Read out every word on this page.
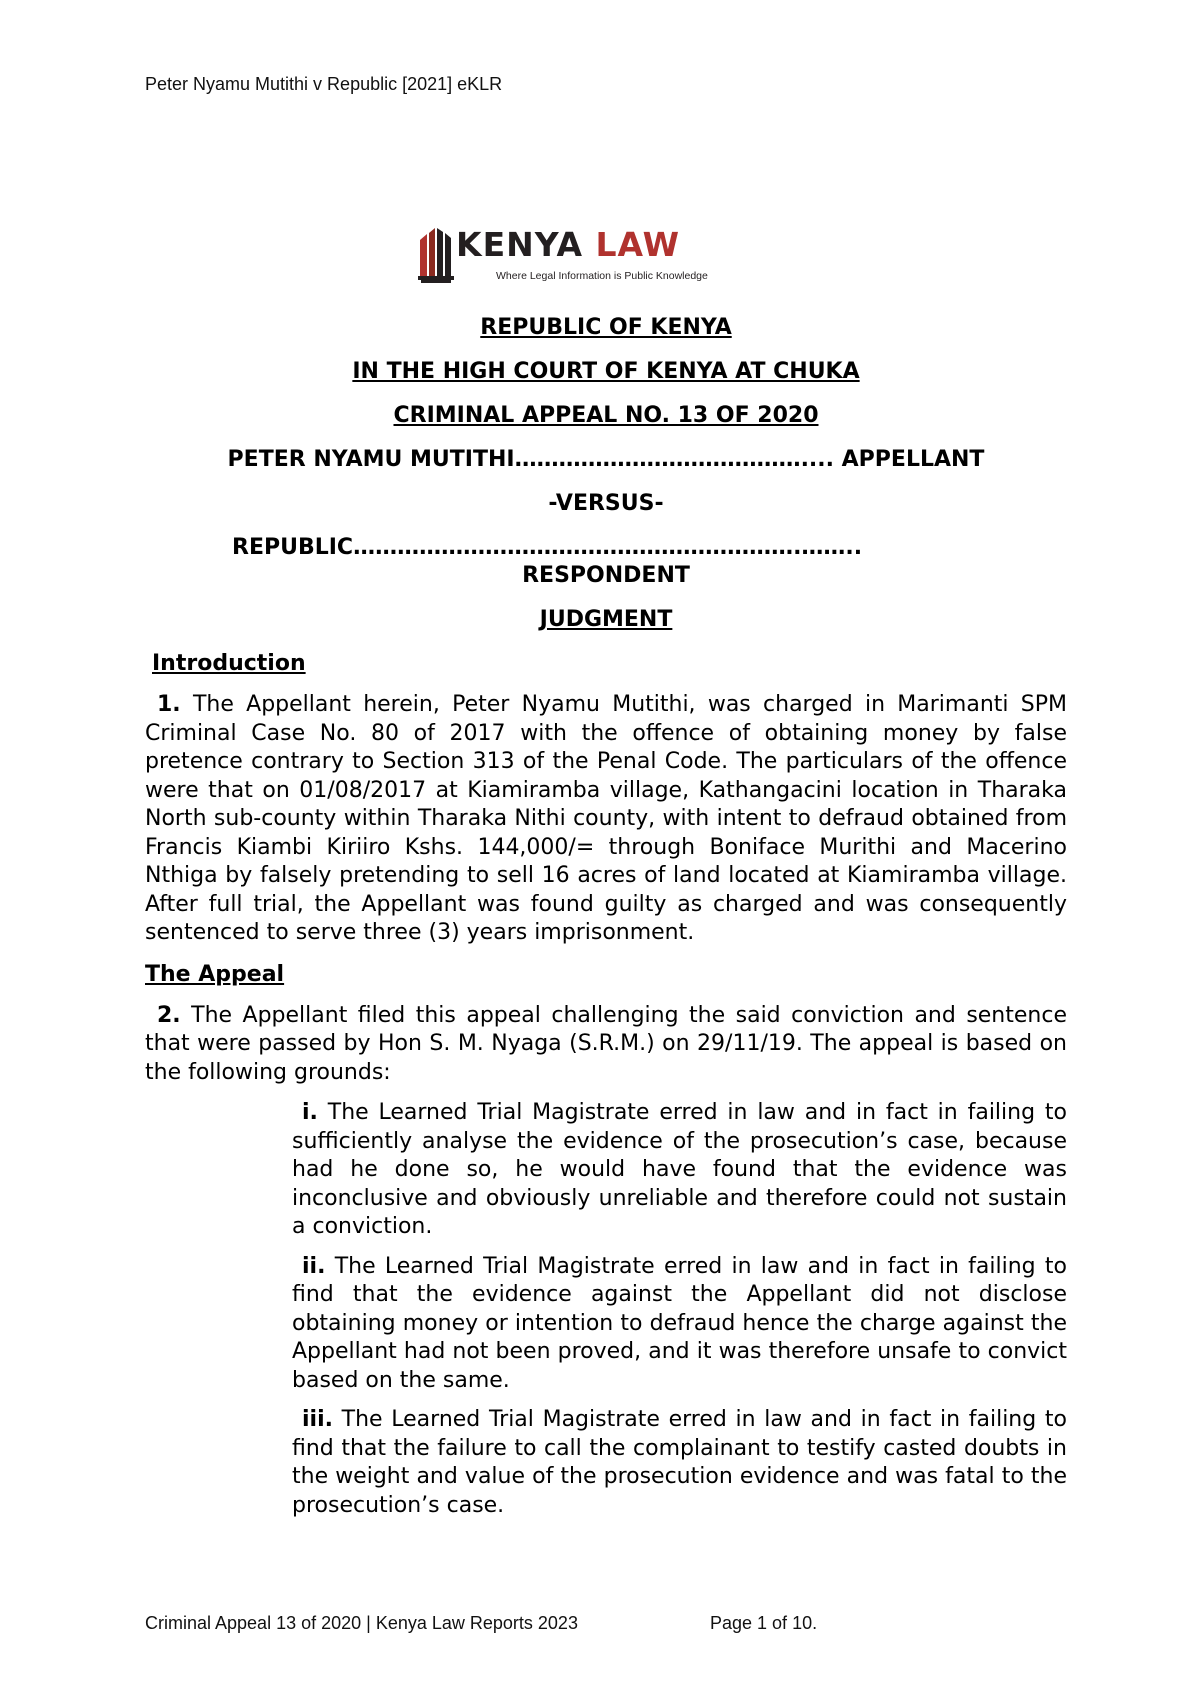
Peter Nyamu Mutithi v Republic [2021] eKLR
KENYA LAW
Where Legal Information is Public Knowledge
REPUBLIC OF KENYA
IN THE HIGH COURT OF KENYA AT CHUKA
CRIMINAL APPEAL NO. 13 OF 2020
PETER NYAMU MUTITHI………………………………….... APPELLANT
-VERSUS-
REPUBLIC…………………………………………………….……..
RESPONDENT
JUDGMENT
Introduction
1. The Appellant herein, Peter Nyamu Mutithi, was charged in Marimanti SPM Criminal Case No. 80 of 2017 with the offence of obtaining money by false pretence contrary to Section 313 of the Penal Code. The particulars of the offence were that on 01/08/2017 at Kiamiramba village, Kathangacini location in Tharaka North sub-county within Tharaka Nithi county, with intent to defraud obtained from Francis Kiambi Kiriiro Kshs. 144,000/= through Boniface Murithi and Macerino Nthiga by falsely pretending to sell 16 acres of land located at Kiamiramba village. After full trial, the Appellant was found guilty as charged and was consequently sentenced to serve three (3) years imprisonment.
The Appeal
2. The Appellant filed this appeal challenging the said conviction and sentence that were passed by Hon S. M. Nyaga (S.R.M.) on 29/11/19. The appeal is based on the following grounds:
i. The Learned Trial Magistrate erred in law and in fact in failing to sufficiently analyse the evidence of the prosecution’s case, because had he done so, he would have found that the evidence was inconclusive and obviously unreliable and therefore could not sustain a conviction.
ii. The Learned Trial Magistrate erred in law and in fact in failing to find that the evidence against the Appellant did not disclose obtaining money or intention to defraud hence the charge against the Appellant had not been proved, and it was therefore unsafe to convict based on the same.
iii. The Learned Trial Magistrate erred in law and in fact in failing to find that the failure to call the complainant to testify casted doubts in the weight and value of the prosecution evidence and was fatal to the prosecution’s case.
Criminal Appeal 13 of 2020 | Kenya Law Reports 2023	Page 1 of 10.
